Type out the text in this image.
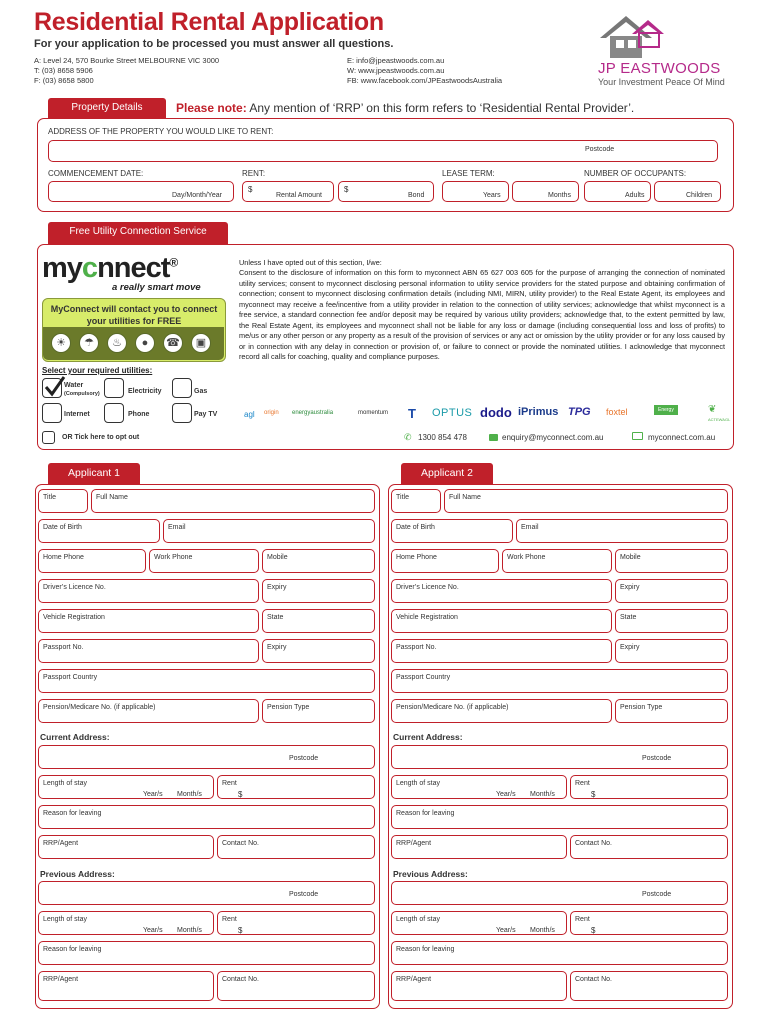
Residential Rental Application
For your application to be processed you must answer all questions.
A: Level 24, 570 Bourke Street MELBOURNE VIC 3000
T: (03) 8658 5906
F: (03) 8658 5800
E: info@jpeastwoods.com.au
W: www.jpeastwoods.com.au
FB: www.facebook.com/JPEastwoodsAustralia
JP EASTWOODS
Your Investment Peace Of Mind
Property Details	Please note: Any mention of ‘RRP’ on this form refers to ‘Residential Rental Provider’.
ADDRESS OF THE PROPERTY YOU WOULD LIKE TO RENT:
Postcode
COMMENCEMENT DATE:
Day/Month/Year
RENT:
$
Rental Amount
$
Bond
LEASE TERM:
Years	Months
NUMBER OF OCCUPANTS:
Adults	Children
Free Utility Connection Service
mycnnect®
a really smart move
MyConnect will contact you to connect your utilities for FREE
☀	☂	♨	●	☎	▣
Select your required utilities:
Water
(Compulsory)	Electricity	Gas
Internet	Phone	Pay TV
OR Tick here to opt out
Unless I have opted out of this section, I/we:
Consent to the disclosure of information on this form to myconnect ABN 65 627 003 605 for the purpose of arranging the connection of nominated utility services; consent to myconnect disclosing personal information to utility service providers for the stated purpose and obtaining confirmation of connection; consent to myconnect disclosing confirmation details (including NMI, MIRN, utility provider) to the Real Estate Agent, its employees and myconnect may receive a fee/incentive from a utility provider in relation to the connection of utility services; acknowledge that whilst myconnect is a free service, a standard connection fee and/or deposit may be required by various utility providers; acknowledge that, to the extent permitted by law, the Real Estate Agent, its employees and myconnect shall not be liable for any loss or damage (including consequential loss and loss of profits) to me/us or any other person or any property as a result of the provision of services or any act or omission by the utility provider or for any loss caused by or in connection with any delay in connection or provision of, or failure to connect or provide the nominated utilities. I acknowledge that myconnect record all calls for coaching, quality and compliance purposes.
agl origin energyaustralia	momentum T OPTUS dodo iPrimus TPG foxtel	Energy	❦
ACTEWAGL
✆ 1300 854 478	enquiry@myconnect.com.au	myconnect.com.au
Applicant 1
Title	Full Name
Date of Birth	Email
Home Phone	Work Phone	Mobile
Driver’s Licence No.	Expiry
Vehicle Registration	State
Passport No.	Expiry
Passport Country
Pension/Medicare No. (if applicable)	Pension Type
Current Address:
Postcode
Length of stay
Year/s Month/s
Rent
$
Reason for leaving
RRP/Agent	Contact No.
Previous Address:
Postcode
Length of stay
Year/s Month/s
Rent
$
Reason for leaving
RRP/Agent	Contact No.
Applicant 2
Title	Full Name
Date of Birth	Email
Home Phone	Work Phone	Mobile
Driver’s Licence No.	Expiry
Vehicle Registration	State
Passport No.	Expiry
Passport Country
Pension/Medicare No. (if applicable)	Pension Type
Current Address:
Postcode
Length of stay
Year/s Month/s
Rent
$
Reason for leaving
RRP/Agent	Contact No.
Previous Address:
Postcode
Length of stay
Year/s Month/s
Rent
$
Reason for leaving
RRP/Agent	Contact No.
